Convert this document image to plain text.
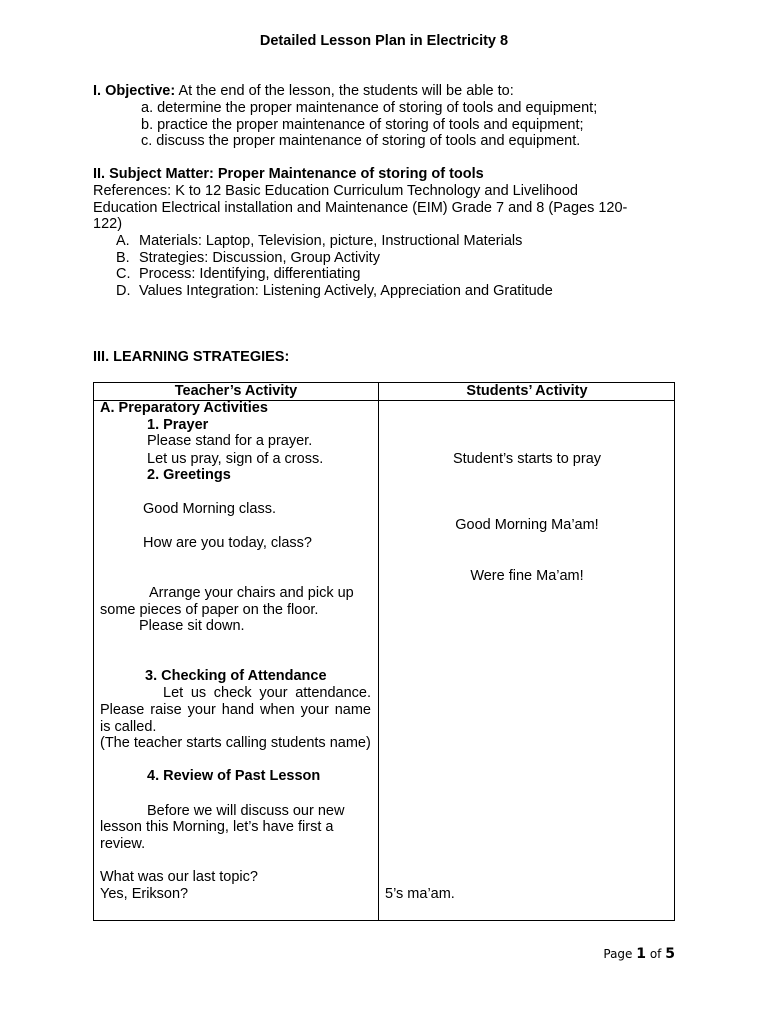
Detailed Lesson Plan in Electricity 8
I. Objective: At the end of the lesson, the students will be able to:
a. determine the proper maintenance of storing of tools and equipment;
b. practice the proper maintenance of storing of tools and equipment;
c. discuss the proper maintenance of storing of tools and equipment.
II. Subject Matter: Proper Maintenance of storing of tools
References: K to 12 Basic Education Curriculum Technology and Livelihood
Education Electrical installation and Maintenance (EIM) Grade 7 and 8 (Pages 120-
122)
A. Materials: Laptop, Television, picture, Instructional Materials
B. Strategies: Discussion, Group Activity
C. Process: Identifying, differentiating
D. Values Integration: Listening Actively, Appreciation and Gratitude
III. LEARNING STRATEGIES:
Teacher’s Activity	Students’ Activity
A. Preparatory Activities
1. Prayer
Please stand for a prayer.
Let us pray, sign of a cross.
2. Greetings
Good Morning class.
How are you today, class?
Arrange your chairs and pick up
some pieces of paper on the floor.
Please sit down.
3. Checking of Attendance
Let us check your attendance. Please raise your hand when your name is called.
(The teacher starts calling students name)
4. Review of Past Lesson
Before we will discuss our new
lesson this Morning, let’s have first a
review.
What was our last topic?
Yes, Erikson?
Student’s starts to pray
Good Morning Ma’am!
Were fine Ma’am!
5’s ma’am.
Page 1 of 5
